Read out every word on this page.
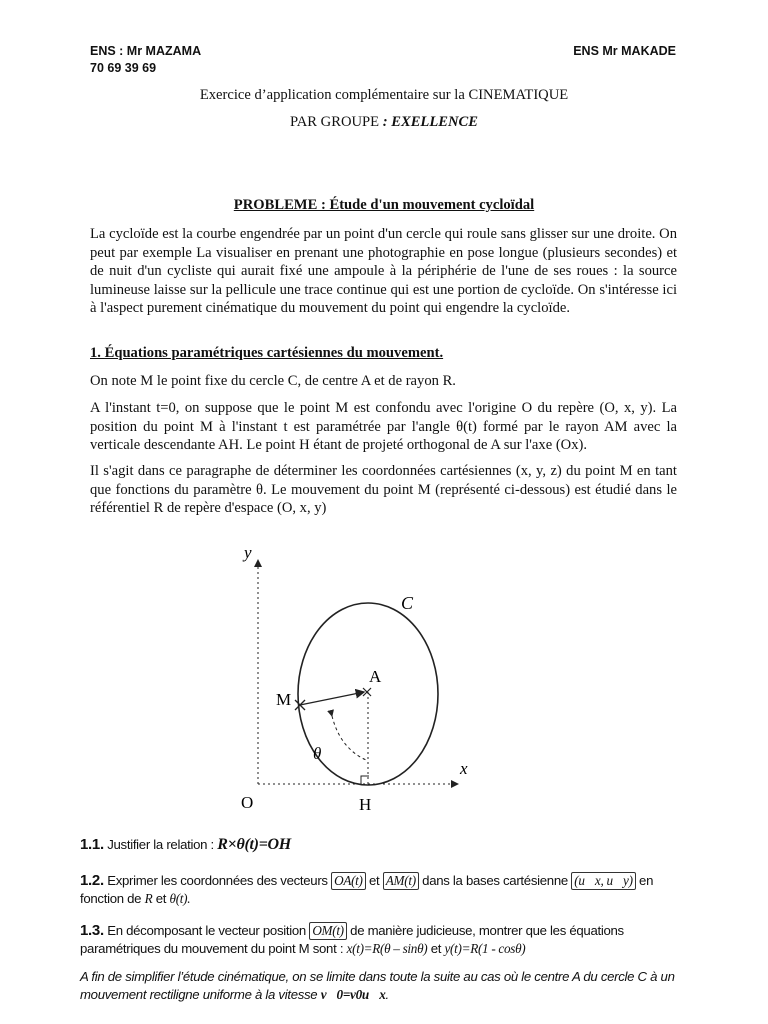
ENS : Mr MAZAMA
70 69 39 69
ENS Mr MAKADE
Exercice d’application complémentaire sur la CINEMATIQUE
PAR GROUPE : EXELLENCE
PROBLEME : Étude d'un mouvement cycloïdal
La cycloïde est la courbe engendrée par un point d'un cercle qui roule sans glisser sur une droite. On peut par exemple La visualiser en prenant une photographie en pose longue (plusieurs secondes) et de nuit d'un cycliste qui aurait fixé une ampoule à la périphérie de l'une de ses roues : la source lumineuse laisse sur la pellicule une trace continue qui est une portion de cycloïde. On s'intéresse ici à l'aspect purement cinématique du mouvement du point qui engendre la cycloïde.
1. Équations paramétriques cartésiennes du mouvement.
On note M le point fixe du cercle C, de centre A et de rayon R.
A l'instant t=0, on suppose que le point M est confondu avec l'origine O du repère (O, x, y). La position du point M à l'instant t est paramétrée par l'angle θ(t) formé par le rayon AM avec la verticale descendante AH. Le point H étant de projeté orthogonal de A sur l'axe (Ox).
Il s'agit dans ce paragraphe de déterminer les coordonnées cartésiennes (x, y, z) du point M en tant que fonctions du paramètre θ. Le mouvement du point M (représenté ci-dessous) est étudié dans le référentiel R de repère d'espace (O, x, y)
y
x
C
A
M
θ
O	H
1.1. Justifier la relation : R×θ(t)=OH
1.2. Exprimer les coordonnées des vecteurs OA(t) et AM(t) dans la bases cartésienne (u⃗x, u⃗y) en fonction de R et θ(t).
1.3. En décomposant le vecteur position OM(t) de manière judicieuse, montrer que les équations paramétriques du mouvement du point M sont : x(t)=R(θ – sinθ) et y(t)=R(1 - cosθ)
A fin de simplifier l’étude cinématique, on se limite dans toute la suite au cas où le centre A du cercle C à un mouvement rectiligne uniforme à la vitesse v⃗0=v0u⃗x.
